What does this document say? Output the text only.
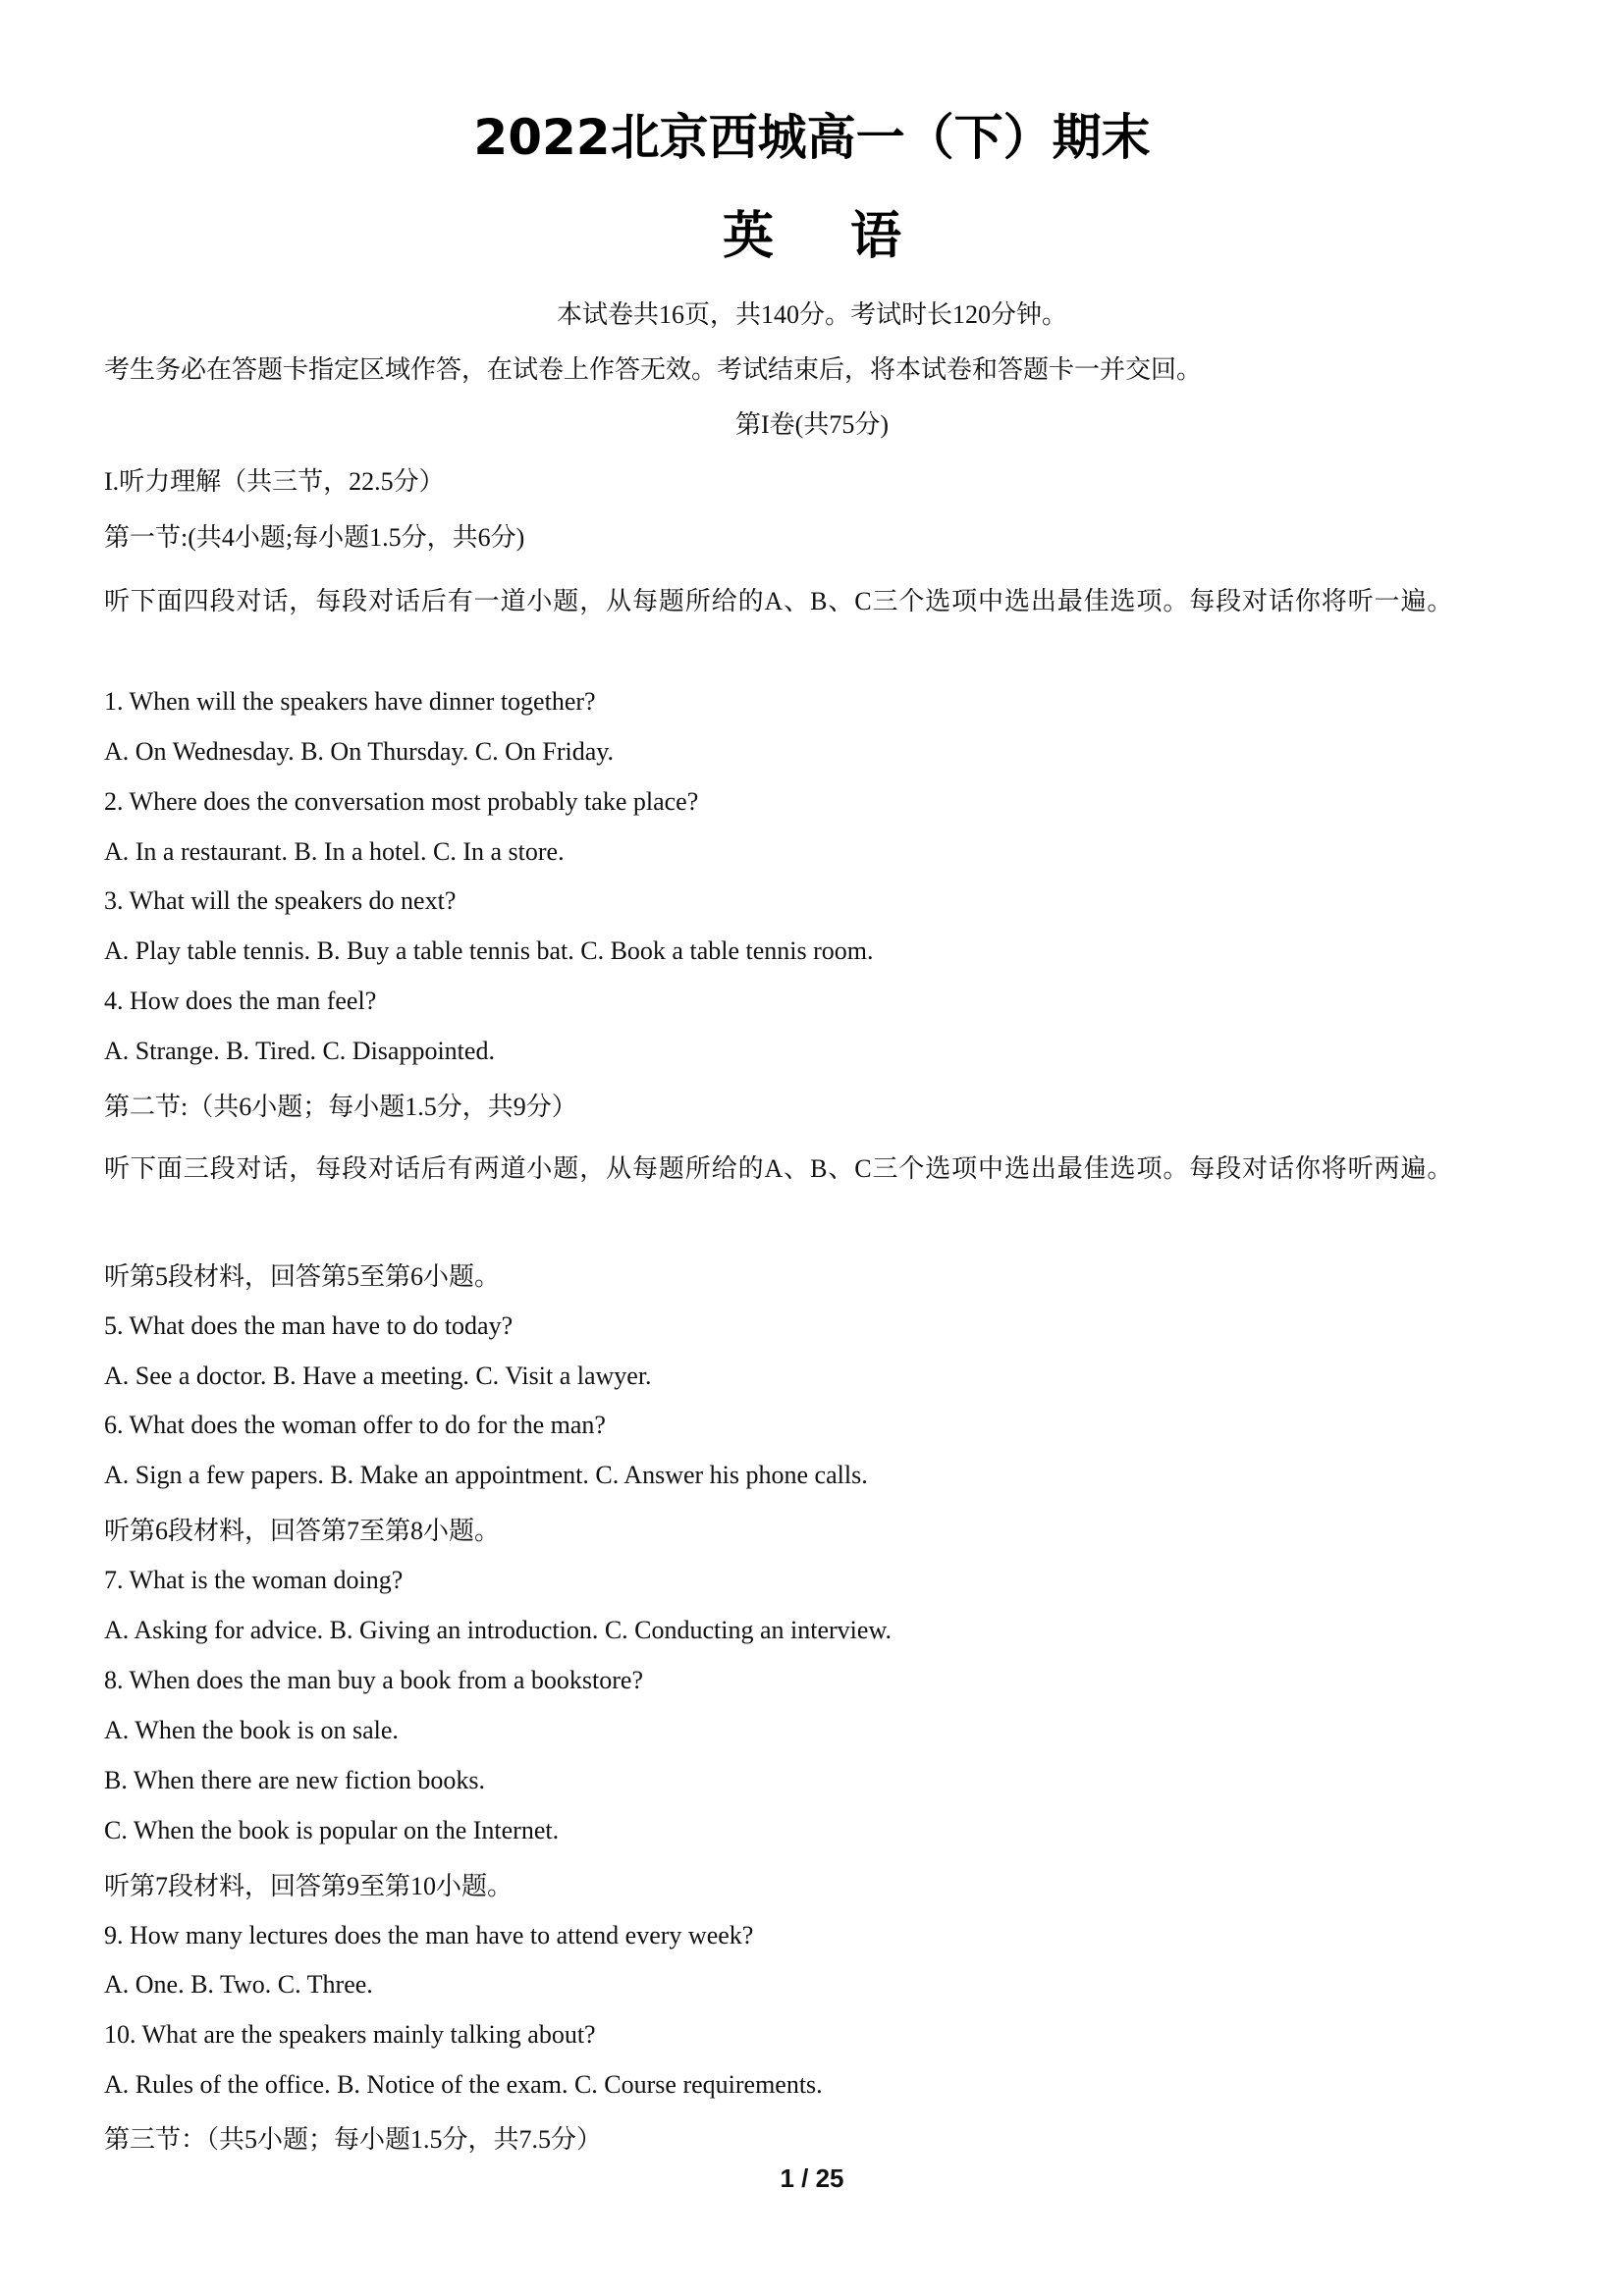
2022北京西城高一（下）期末
英语
本试卷共16页，共140分。考试时长120分钟。
考生务必在答题卡指定区域作答，在试卷上作答无效。考试结束后，将本试卷和答题卡一并交回。
第I卷(共75分)
I.听力理解（共三节，22.5分）
第一节:(共4小题;每小题1.5分，共6分)
听下面四段对话，每段对话后有一道小题，从每题所给的A、B、C三个选项中选出最佳选项。每段对话你将听一遍。
1. When will the speakers have dinner together?
A. On Wednesday. B. On Thursday. C. On Friday.
2. Where does the conversation most probably take place?
A. In a restaurant. B. In a hotel. C. In a store.
3. What will the speakers do next?
A. Play table tennis. B. Buy a table tennis bat. C. Book a table tennis room.
4. How does the man feel?
A. Strange. B. Tired. C. Disappointed.
第二节:（共6小题；每小题1.5分，共9分）
听下面三段对话，每段对话后有两道小题，从每题所给的A、B、C三个选项中选出最佳选项。每段对话你将听两遍。
听第5段材料，回答第5至第6小题。
5. What does the man have to do today?
A. See a doctor. B. Have a meeting. C. Visit a lawyer.
6. What does the woman offer to do for the man?
A. Sign a few papers. B. Make an appointment. C. Answer his phone calls.
听第6段材料，回答第7至第8小题。
7. What is the woman doing?
A. Asking for advice. B. Giving an introduction. C. Conducting an interview.
8. When does the man buy a book from a bookstore?
A. When the book is on sale.
B. When there are new fiction books.
C. When the book is popular on the Internet.
听第7段材料，回答第9至第10小题。
9. How many lectures does the man have to attend every week?
A. One. B. Two. C. Three.
10. What are the speakers mainly talking about?
A. Rules of the office. B. Notice of the exam. C. Course requirements.
第三节：（共5小题；每小题1.5分，共7.5分）
1 / 25
